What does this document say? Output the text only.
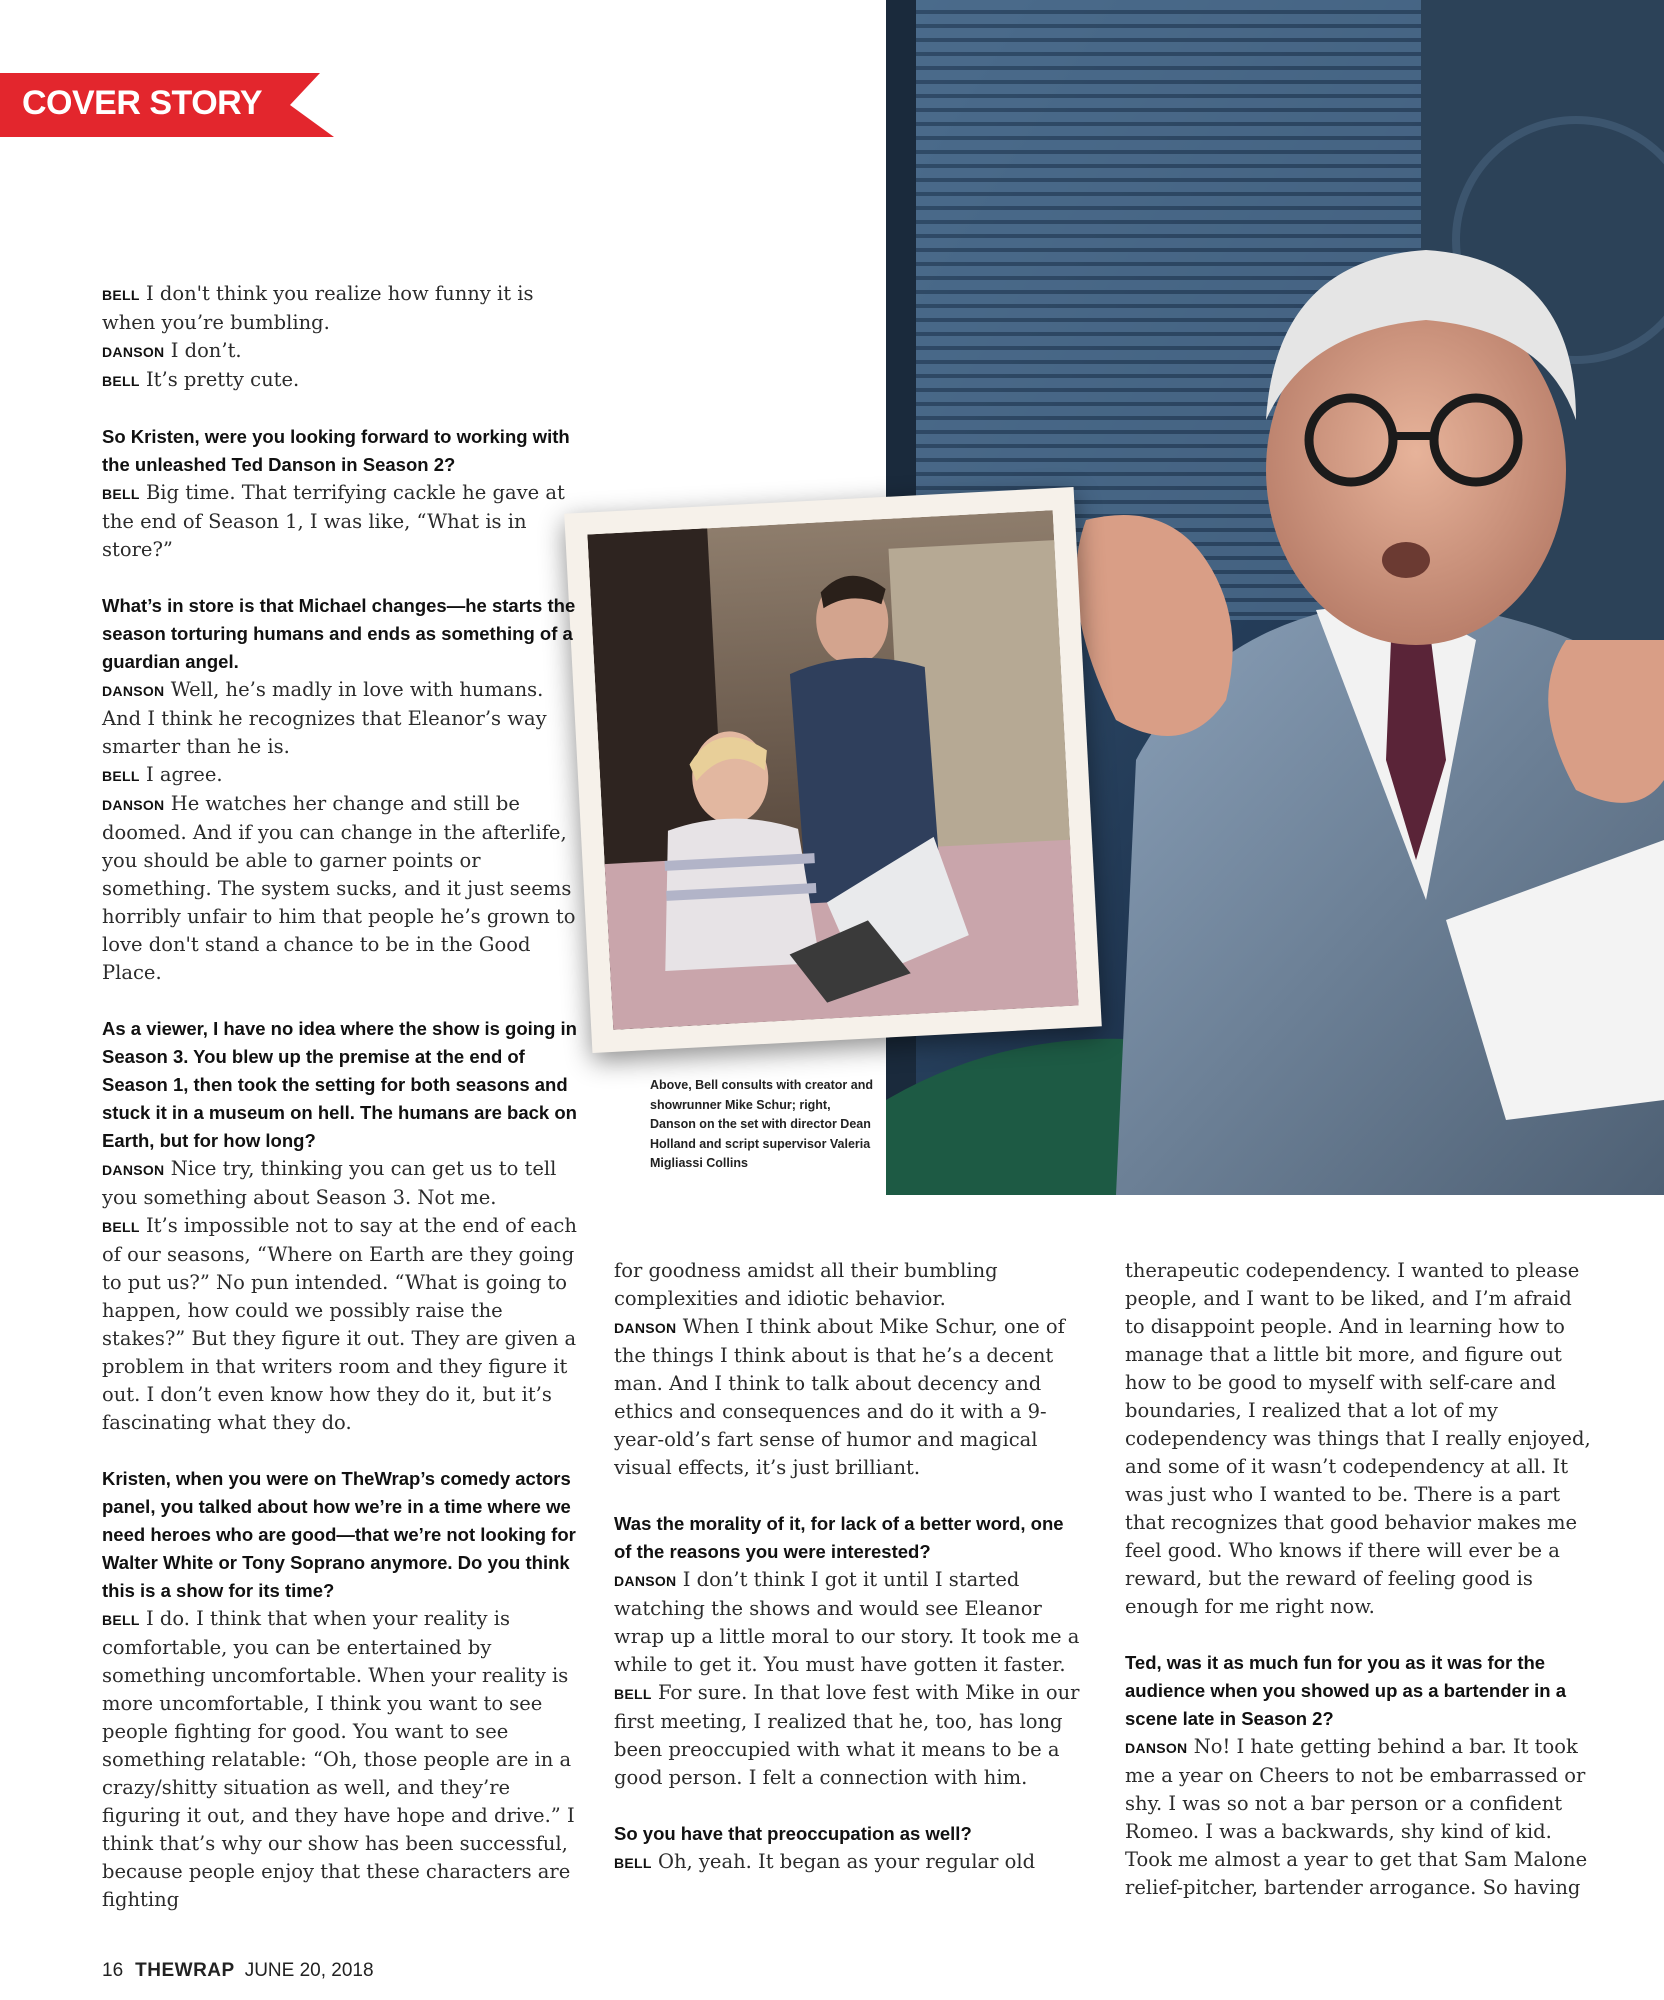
COVER STORY
Above, Bell consults with creator and showrunner Mike Schur; right, Danson on the set with director Dean Holland and script supervisor Valeria Migliassi Collins

BELL I don't think you realize how funny it is when you’re bumbling.

DANSON I don’t.

BELL It’s pretty cute.

So Kristen, were you looking forward to working with the unleashed Ted Danson in Season 2?

BELL Big time. That terrifying cackle he gave at the end of Season 1, I was like, “What is in store?”

What’s in store is that Michael changes—he starts the season torturing humans and ends as something of a guardian angel.

DANSON Well, he’s madly in love with humans. And I think he recognizes that Eleanor’s way smarter than he is.

BELL I agree.

DANSON He watches her change and still be doomed. And if you can change in the afterlife, you should be able to garner points or something. The system sucks, and it just seems horribly unfair to him that people he’s grown to love don't stand a chance to be in the Good Place.

As a viewer, I have no idea where the show is going in Season 3. You blew up the premise at the end of Season 1, then took the setting for both seasons and stuck it in a museum on hell. The humans are back on Earth, but for how long?

DANSON Nice try, thinking you can get us to tell you something about Season 3. Not me.

BELL It’s impossible not to say at the end of each of our seasons, “Where on Earth are they going to put us?” No pun intended. “What is going to happen, how could we possibly raise the stakes?” But they figure it out. They are given a problem in that writers room and they figure it out. I don’t even know how they do it, but it’s fascinating what they do.

Kristen, when you were on TheWrap’s comedy actors panel, you talked about how we’re in a time where we need heroes who are good—that we’re not looking for Walter White or Tony Soprano anymore. Do you think this is a show for its time?

BELL I do. I think that when your reality is comfortable, you can be entertained by something uncomfortable. When your reality is more uncomfortable, I think you want to see people fighting for good. You want to see something relatable: “Oh, those people are in a crazy/shitty situation as well, and they’re figuring it out, and they have hope and drive.” I think that’s why our show has been successful, because people enjoy that these characters are fighting

for goodness amidst all their bumbling complexities and idiotic behavior.

DANSON When I think about Mike Schur, one of the things I think about is that he’s a decent man. And I think to talk about decency and ethics and consequences and do it with a 9-year-old’s fart sense of humor and magical visual effects, it’s just brilliant.

Was the morality of it, for lack of a better word, one of the reasons you were interested?

DANSON I don’t think I got it until I started watching the shows and would see Eleanor wrap up a little moral to our story. It took me a while to get it. You must have gotten it faster.

BELL For sure. In that love fest with Mike in our first meeting, I realized that he, too, has long been preoccupied with what it means to be a good person. I felt a connection with him.

So you have that preoccupation as well?

BELL Oh, yeah. It began as your regular old

therapeutic codependency. I wanted to please people, and I want to be liked, and I’m afraid to disappoint people. And in learning how to manage that a little bit more, and figure out how to be good to myself with self-care and boundaries, I realized that a lot of my codependency was things that I really enjoyed, and some of it wasn’t codependency at all. It was just who I wanted to be. There is a part that recognizes that good behavior makes me feel good. Who knows if there will ever be a reward, but the reward of feeling good is enough for me right now.

Ted, was it as much fun for you as it was for the audience when you showed up as a bartender in a scene late in Season 2?

DANSON No! I hate getting behind a bar. It took me a year on Cheers to not be embarrassed or shy. I was so not a bar person or a confident Romeo. I was a backwards, shy kind of kid. Took me almost a year to get that Sam Malone relief-pitcher, bartender arrogance. So having

16 THEWRAP JUNE 20, 2018
